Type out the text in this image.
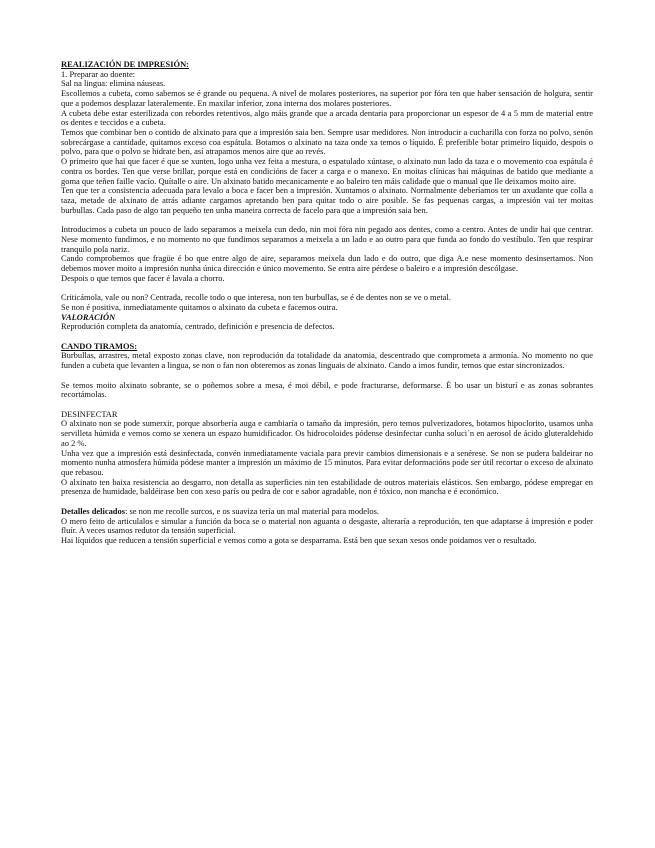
REALIZACIÓN DE IMPRESIÓN:

1. Preparar ao doente:

Sal na lingua: elimina náuseas.

Escollemos a cubeta, como sabemos se é grande ou pequena. A nivel de molares posteriores, na superior por fóra ten que haber sensación de holgura, sentir que a podemos desplazar lateralemente. En maxilar inferior, zona interna dos molares posteriores.

A cubeta debe estar esterilizada con rebordes retentivos, algo máis grande que a arcada dentaria para proporcionar un espesor de 4 a 5 mm de material entre os dentes e teccidos e a cubeta.

Temos que combinar ben o contido de alxinato para que a impresión saia ben. Sempre usar medidores. Non introducir a cucharilla con forza no polvo, senón sobrecárgase a cantidade, quitamos exceso coa espátula. Botamos o alxinato na taza onde xa temos o líquido. É preferible botar primeiro líquido, despois o polvo, para que o polvo se hidrate ben, así atrapamos menos aire que ao revés.

O primeiro que hai que facer é que se xunten, logo unha vez feita a mestura, o espatulado xúntase, o alxinato nun lado da taza e o movemento coa espátula é contra os bordes. Ten que verse brillar, porque está en condicións de facer a carga e o manexo. En moitas clínicas hai máquinas de batido que mediante a goma que teñen faille vacío. Quítalle o aire. Un alxinato batido mecanicamente e ao baleiro ten máis calidade que o manual que lle deixamos moito aire.

Ten que ter a consistencia adecuada para levalo a boca e facer ben a impresión. Xuntamos o alxinato. Normalmente deberíamos ter un axudante que colla a taza, metade de alxinato de atrás adiante cargamos apretando ben para quitar todo o aire posible. Se fas pequenas cargas, a impresión vai ter moitas burbullas. Cada paso de algo tan pequeño ten unha maneira correcta de facelo para que a impresión saia ben.

Introducimos a cubeta un pouco de lado separamos a meixela cun dedo, nin moi fóra nin pegado aos dentes, como a centro. Antes de undir hai que centrar. Nese momento fundimos, e no momento no que fundimos separamos a meixela a un lado e ao outro para que funda ao fondo do vestíbulo. Ten que respirar tranquilo pola nariz.

Cando comprobemos que fragüe é bo que entre algo de aire, separamos meixela dun lado e do outro, que diga A.e nese momento desinsertamos. Non debemos mover moito a impresión nunha única dirección e único movemento. Se entra aire pérdese o baleiro e a impresión descólgase.

Despois o que temos que facer é lavala a chorro.

Criticámola, vale ou non? Centrada, recolle todo o que interesa, non ten burbullas, se é de dentes non se ve o metal.

Se non é positiva, inmediatamente quitamos o alxinato da cubeta e facemos outra.

VALORACIÓN

Reprodución completa da anatomía, centrado, definición e presencia de defectos.

CANDO TIRAMOS:

Burbullas, arrastres, metal exposto zonas clave, non reprodución da totalidade da anatomia, descentrado que comprometa a armonía. No momento no que funden a cubeta que levanten a lingua, se non o fan non obteremos as zonas linguais de alxinato. Cando a imos fundir, temos que estar sincronizados.

Se temos moito alxinato sobrante, se o poñemos sobre a mesa, é moi débil, e pode fracturarse, deformarse. É bo usar un bisturí e as zonas sobrantes recortámolas.

DESINFECTAR

O alxinato non se pode sumerxir, porque absorbería auga e cambiaría o tamaño da impresión, pero temos pulverizadores, botamos hipoclorito, usamos unha servilleta húmida e vemos como se xenera un espazo humidificador. Os hidrocoloides pódense desinfectar cunha soluci´n en aerosol de ácido gluteraldehido ao 2 %.

Unha vez que a impresión está desinfectada, convén inmediatamente vaciala para previr cambios dimensionais e a senérese. Se non se pudera baldeirar no momento nunha atmosfera húmida pódese manter a impresión un máximo de 15 minutos. Para evitar deformacións pode ser útil recortar o exceso de alxinato que rebasou.

O alxinato ten baixa resistencia ao desgarro, non detalla as superficies nin ten estabilidade de outros materiais elásticos. Sen embargo, pódese empregar en presenza de humidade, baldéirase ben con xeso parís ou pedra de cor e sabor agradable, non é tóxico, non mancha e é económico.

Detalles delicados: se non me recolle surcos, e os suaviza tería un mal material para modelos.

O mero feito de articulalos e simular a función da boca se o material non aguanta o desgaste, alteraría a reprodución, ten que adaptarse á impresión e poder fluír. A veces usamos redutor da tensión superficial.

Hai líquidos que reducen a tensión superficial e vemos como a gota se desparrama. Está ben que sexan xesos onde poidamos ver o resultado.
